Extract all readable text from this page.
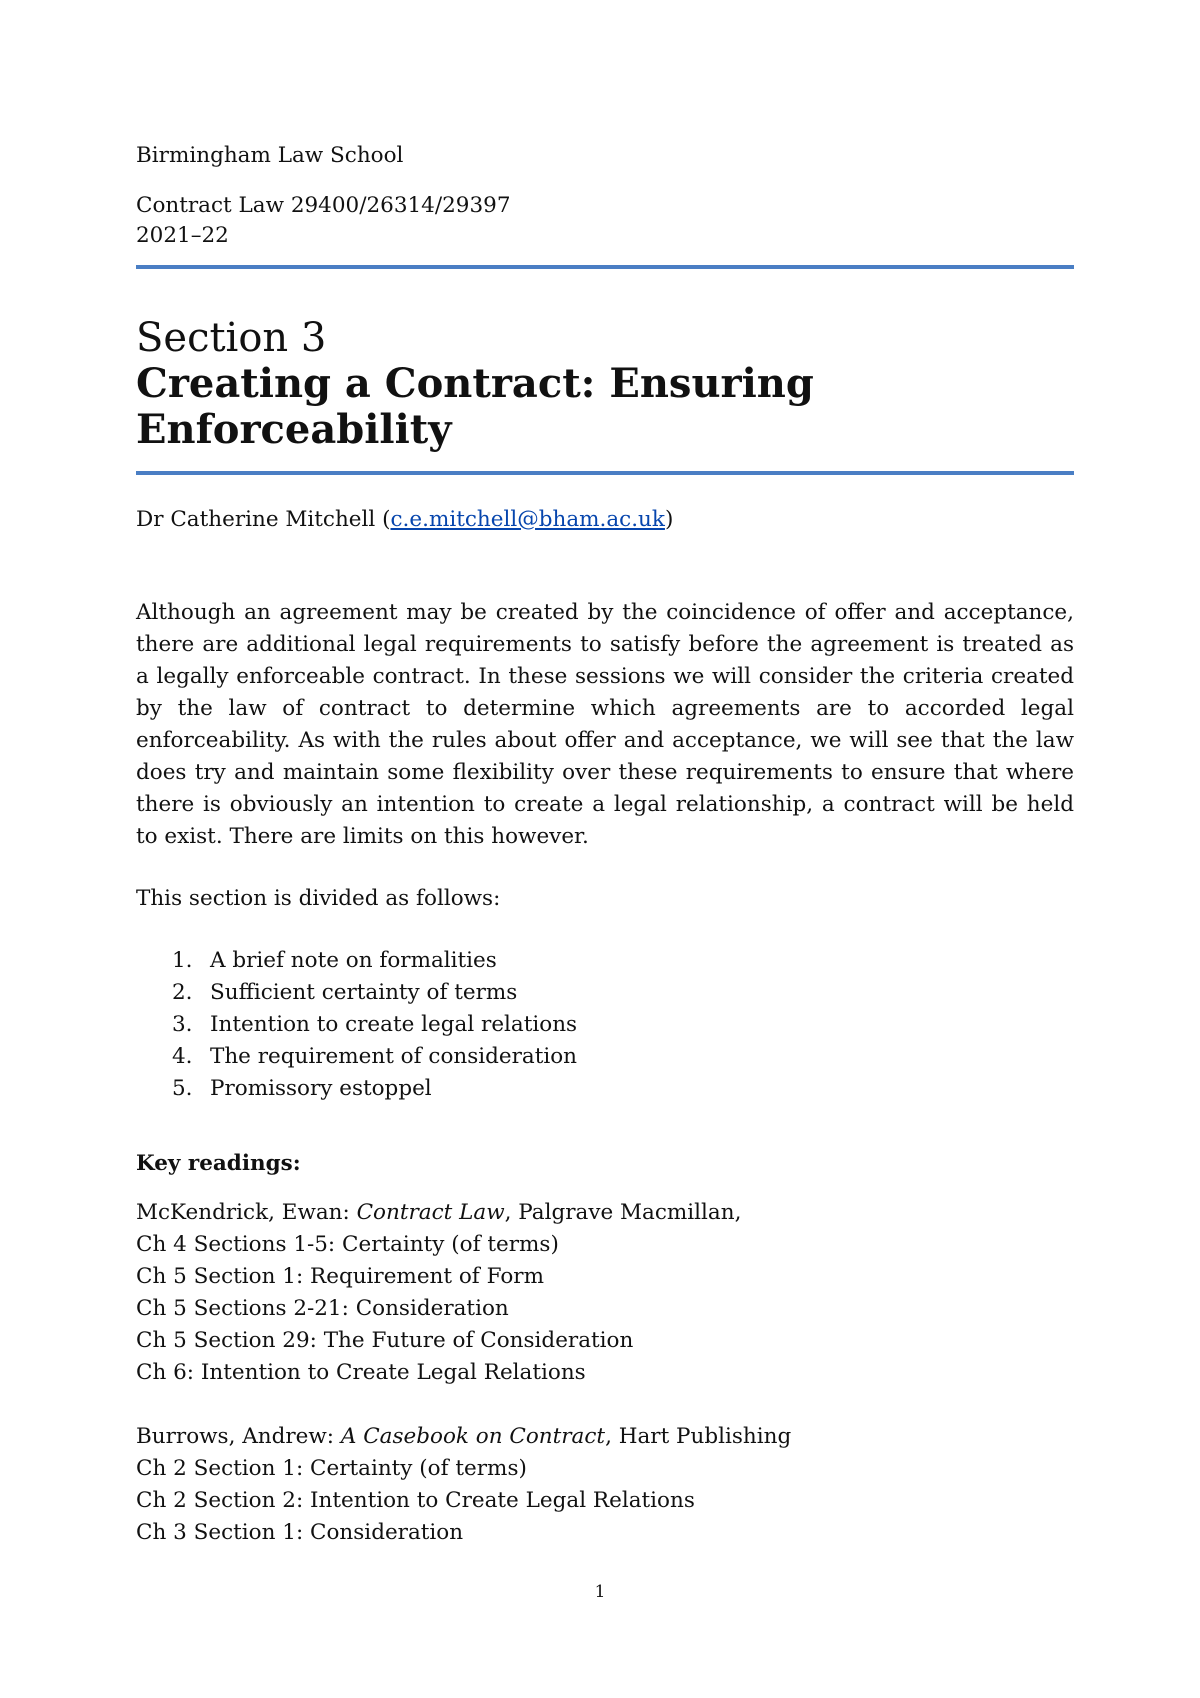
Birmingham Law School

Contract Law 29400/26314/29397

2021–22

Section 3
Creating a Contract: Ensuring Enforceability

Dr Catherine Mitchell (c.e.mitchell@bham.ac.uk)

Although an agreement may be created by the coincidence of offer and acceptance, there are additional legal requirements to satisfy before the agreement is treated as a legally enforceable contract. In these sessions we will consider the criteria created by the law of contract to determine which agreements are to accorded legal enforceability. As with the rules about offer and acceptance, we will see that the law does try and maintain some flexibility over these requirements to ensure that where there is obviously an intention to create a legal relationship, a contract will be held to exist. There are limits on this however.

This section is divided as follows:

1. A brief note on formalities
2. Sufficient certainty of terms
3. Intention to create legal relations
4. The requirement of consideration
5. Promissory estoppel

Key readings:

McKendrick, Ewan: Contract Law, Palgrave Macmillan,
Ch 4 Sections 1-5: Certainty (of terms)
Ch 5 Section 1: Requirement of Form
Ch 5 Sections 2-21: Consideration
Ch 5 Section 29: The Future of Consideration
Ch 6: Intention to Create Legal Relations
Burrows, Andrew: A Casebook on Contract, Hart Publishing
Ch 2 Section 1: Certainty (of terms)
Ch 2 Section 2: Intention to Create Legal Relations
Ch 3 Section 1: Consideration
1
